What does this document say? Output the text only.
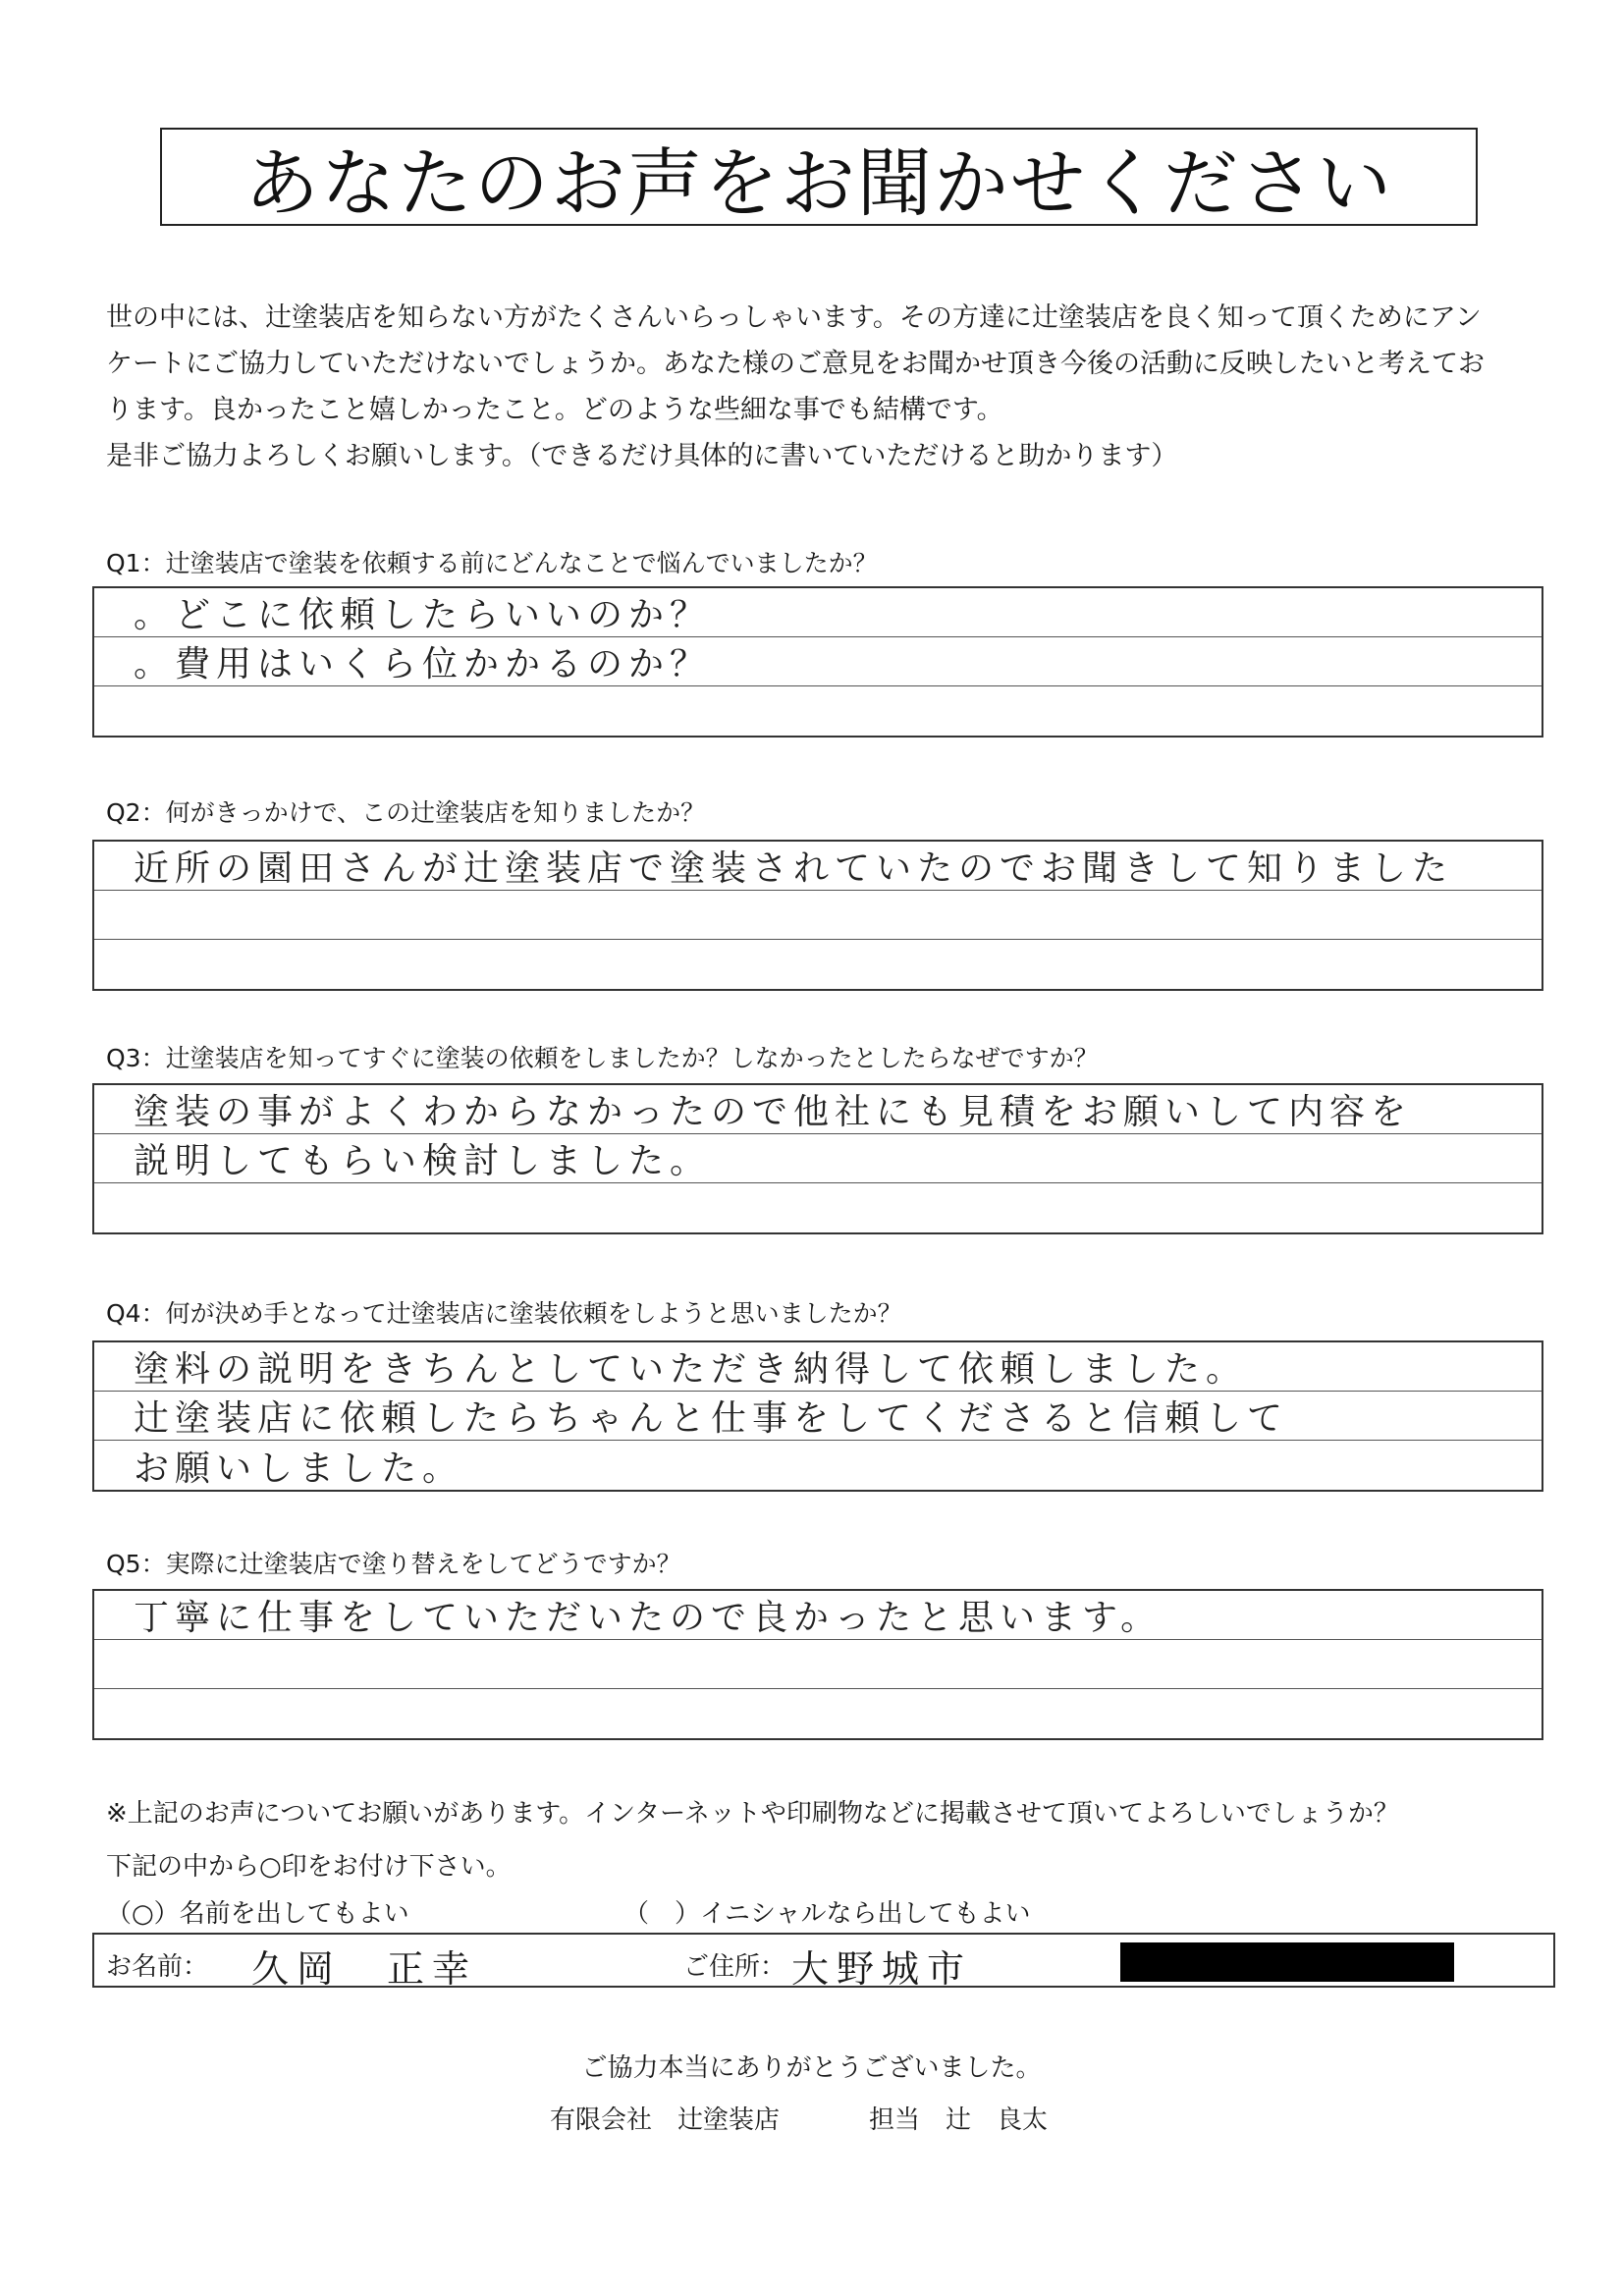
あなたのお声をお聞かせください

世の中には、辻塗装店を知らない方がたくさんいらっしゃいます。その方達に辻塗装店を良く知って頂くためにアン

ケートにご協力していただけないでしょうか。あなた様のご意見をお聞かせ頂き今後の活動に反映したいと考えてお

ります。良かったこと嬉しかったこと。どのような些細な事でも結構です。

是非ご協力よろしくお願いします。（できるだけ具体的に書いていただけると助かります）

Q1：辻塗装店で塗装を依頼する前にどんなことで悩んでいましたか？
。どこに依頼したらいいのか？
。費用はいくら位かかるのか？
Q2：何がきっかけで、この辻塗装店を知りましたか？
近所の園田さんが辻塗装店で塗装されていたのでお聞きして知りました
Q3：辻塗装店を知ってすぐに塗装の依頼をしましたか？しなかったとしたらなぜですか？
塗装の事がよくわからなかったので他社にも見積をお願いして内容を
説明してもらい検討しました。
Q4：何が決め手となって辻塗装店に塗装依頼をしようと思いましたか？
塗料の説明をきちんとしていただき納得して依頼しました。
辻塗装店に依頼したらちゃんと仕事をしてくださると信頼して
お願いしました。
Q5：実際に辻塗装店で塗り替えをしてどうですか？
丁寧に仕事をしていただいたので良かったと思います。
※上記のお声についてお願いがあります。インターネットや印刷物などに掲載させて頂いてよろしいでしょうか？
下記の中から○印をお付け下さい。
（○）名前を出してもよい	（　）イニシャルなら出してもよい
お名前： 久岡　正幸	ご住所： 大野城市
ご協力本当にありがとうございました。
有限会社　辻塗装店	担当　辻　良太
